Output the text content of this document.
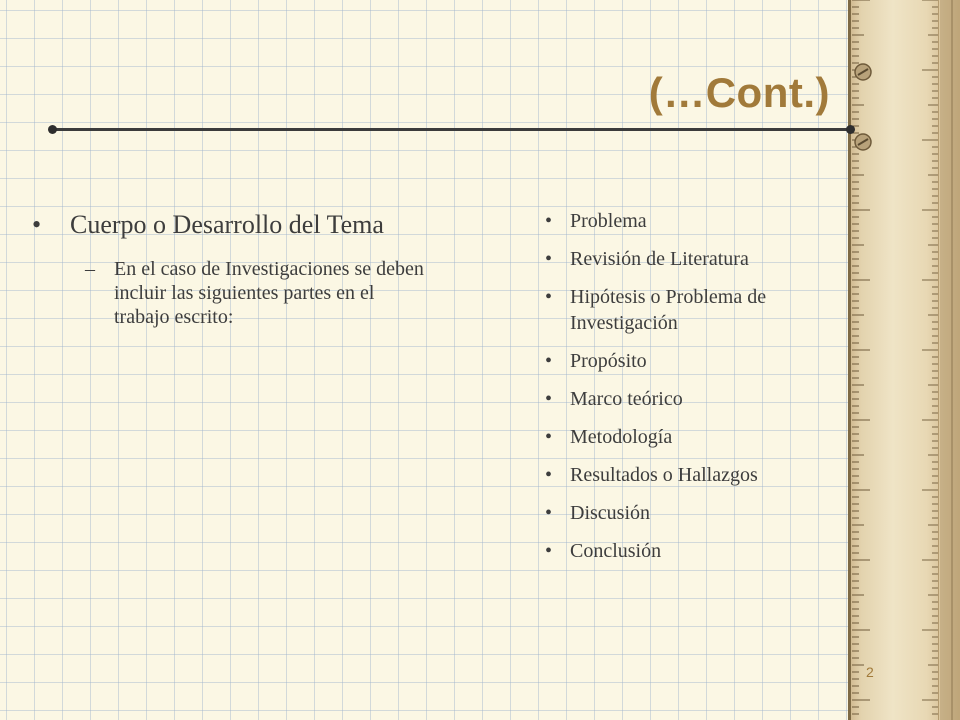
(…Cont.)
• Cuerpo o Desarrollo del Tema
– En el caso de Investigaciones se deben incluir las siguientes partes en el trabajo escrito:
• Problema
• Revisión de Literatura
• Hipótesis o Problema de Investigación
• Propósito
• Marco teórico
• Metodología
• Resultados o Hallazgos
• Discusión
• Conclusión
2
